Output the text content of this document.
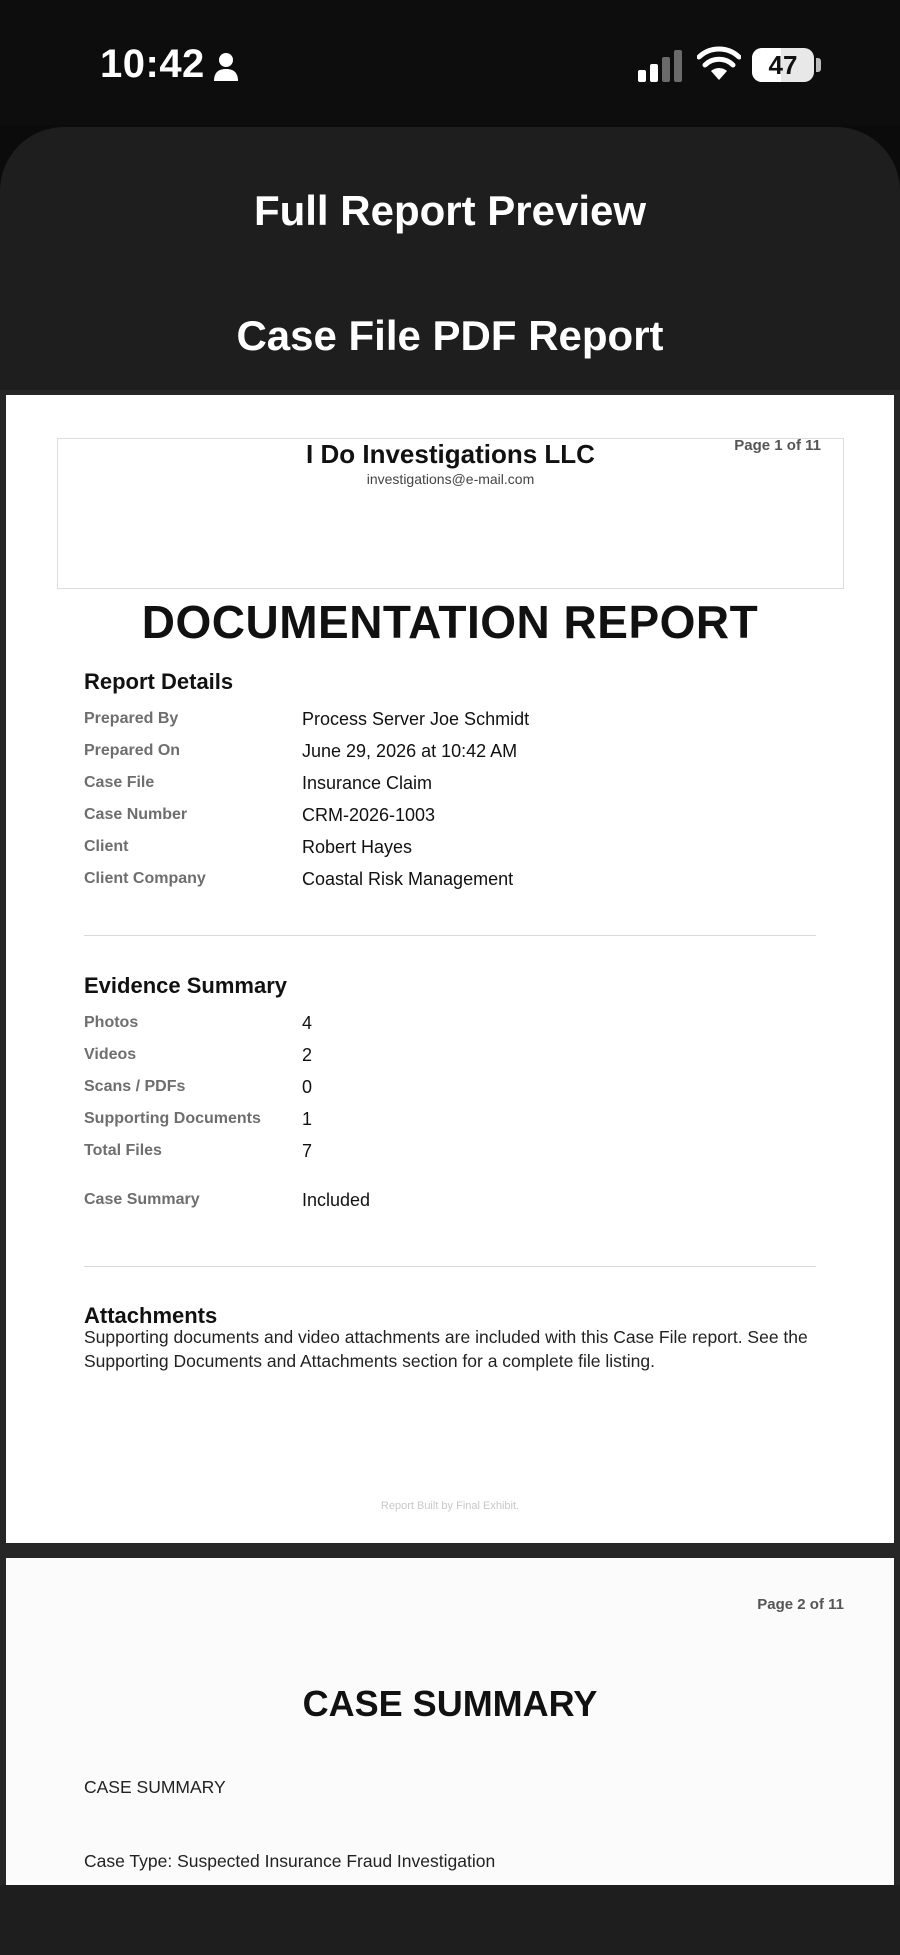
10:42	47
Full Report Preview
Case File PDF Report
I Do Investigations LLC
investigations@e-mail.com
Page 1 of 11
DOCUMENTATION REPORT
Report Details
Prepared By	Process Server Joe Schmidt
Prepared On	June 29, 2026 at 10:42 AM
Case File	Insurance Claim
Case Number	CRM-2026-1003
Client	Robert Hayes
Client Company	Coastal Risk Management
Evidence Summary
Photos	4
Videos	2
Scans / PDFs	0
Supporting Documents 1
Total Files	7
Case Summary	Included
Attachments
Supporting documents and video attachments are included with this Case File report. See the Supporting Documents and Attachments section for a complete file listing.
Report Built by Final Exhibit.
Page 2 of 11
CASE SUMMARY
CASE SUMMARY
Case Type: Suspected Insurance Fraud Investigation
